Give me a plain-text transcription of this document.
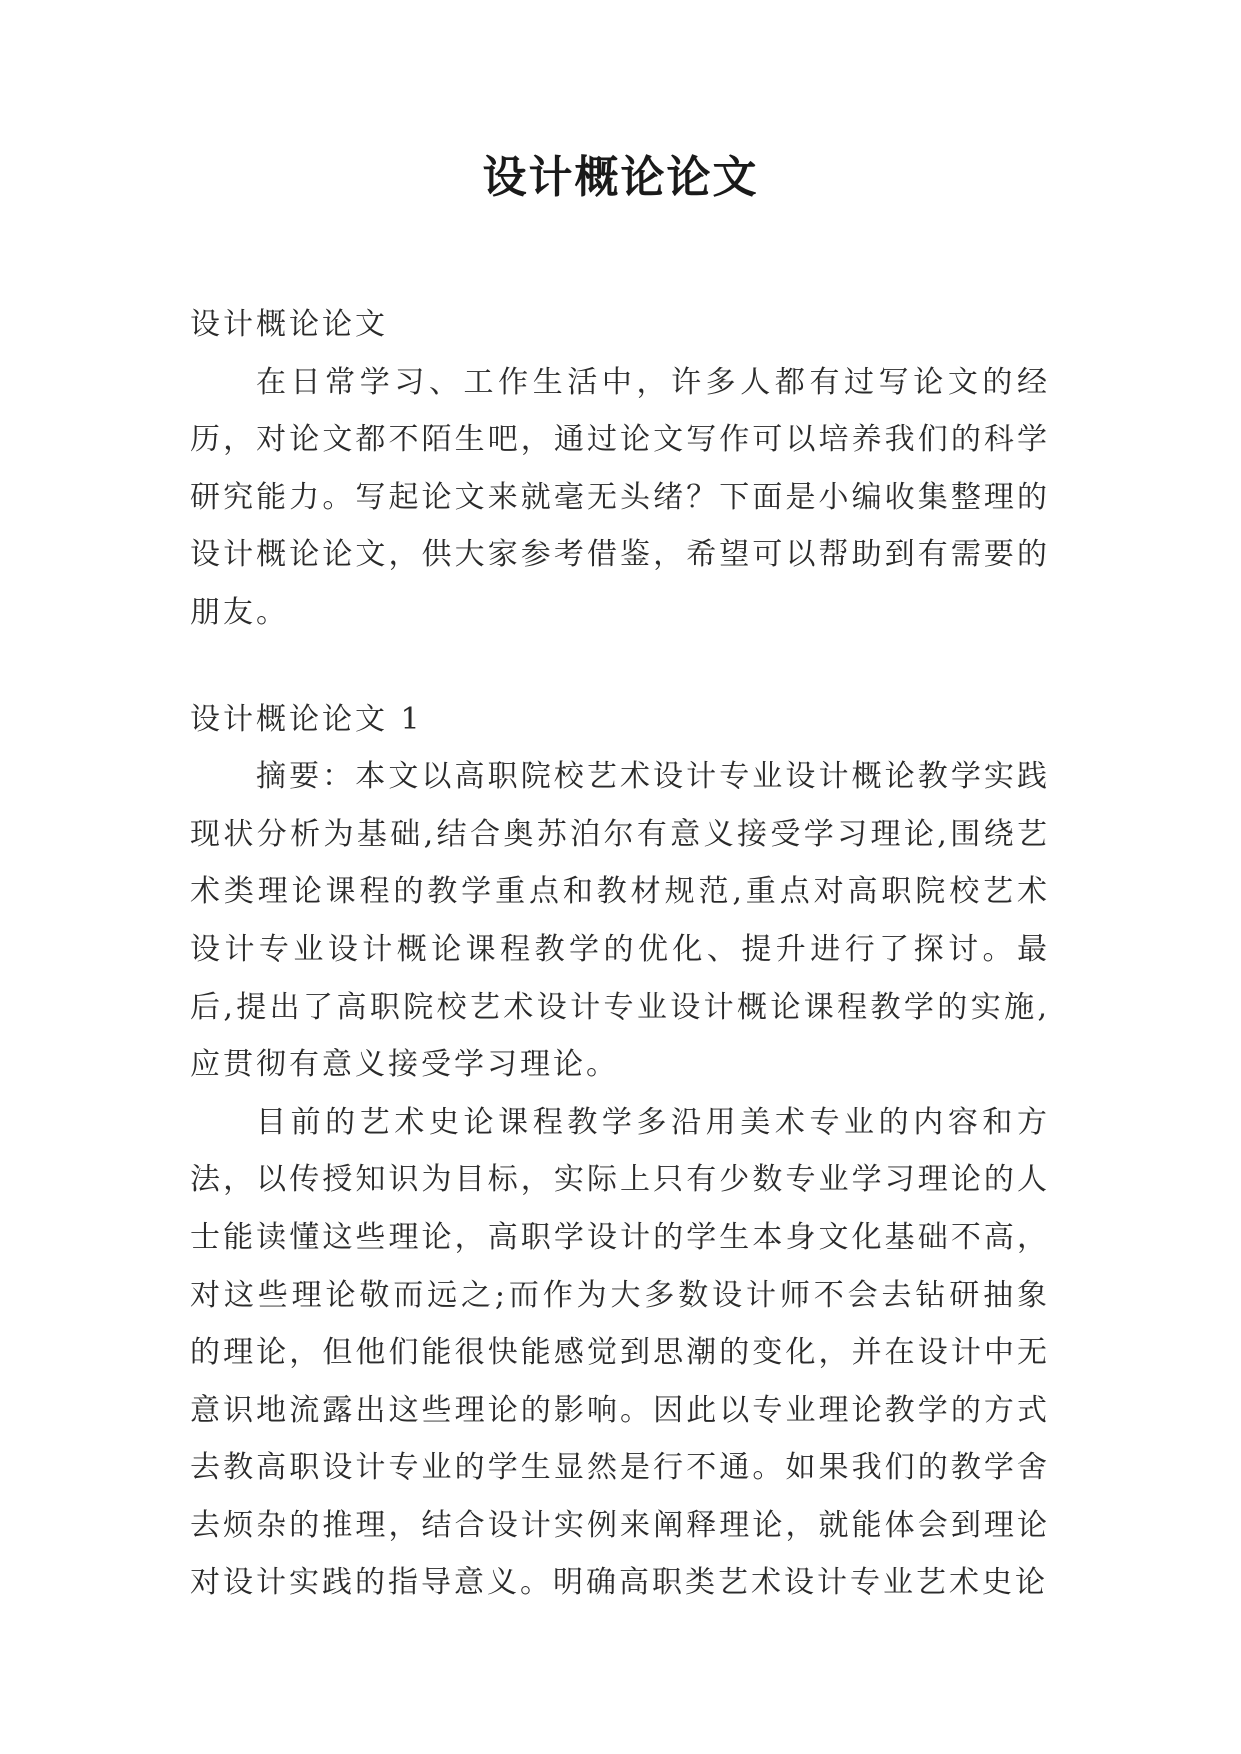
设计概论论文

设计概论论文

在日常学习、工作生活中，许多人都有过写论文的经历，对论文都不陌生吧，通过论文写作可以培养我们的科学研究能力。写起论文来就毫无头绪？下面是小编收集整理的设计概论论文，供大家参考借鉴，希望可以帮助到有需要的朋友。

设计概论论文 1

摘要：本文以高职院校艺术设计专业设计概论教学实践现状分析为基础,结合奥苏泊尔有意义接受学习理论,围绕艺术类理论课程的教学重点和教材规范,重点对高职院校艺术设计专业设计概论课程教学的优化、提升进行了探讨。最后,提出了高职院校艺术设计专业设计概论课程教学的实施,应贯彻有意义接受学习理论。

目前的艺术史论课程教学多沿用美术专业的内容和方法，以传授知识为目标，实际上只有少数专业学习理论的人士能读懂这些理论，高职学设计的学生本身文化基础不高，对这些理论敬而远之;而作为大多数设计师不会去钻研抽象的理论，但他们能很快能感觉到思潮的变化，并在设计中无意识地流露出这些理论的影响。因此以专业理论教学的方式去教高职设计专业的学生显然是行不通。如果我们的教学舍去烦杂的推理，结合设计实例来阐释理论，就能体会到理论对设计实践的指导意义。明确高职类艺术设计专业艺术史论
